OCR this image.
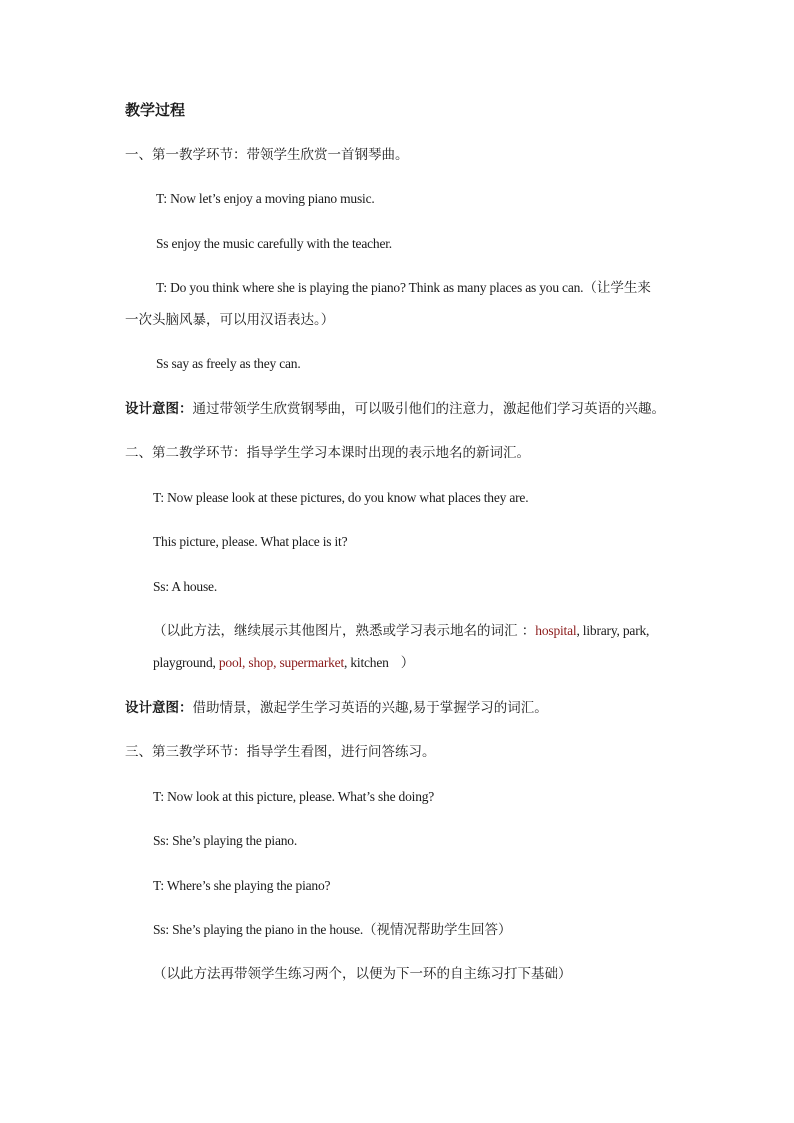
教学过程
一、第一教学环节：带领学生欣赏一首钢琴曲。
T: Now let’s enjoy a moving piano music.
Ss enjoy the music carefully with the teacher.
T: Do you think where she is playing the piano? Think as many places as you can.（让学生来
一次头脑风暴，可以用汉语表达。）
Ss say as freely as they can.
设计意图：通过带领学生欣赏钢琴曲，可以吸引他们的注意力，激起他们学习英语的兴趣。
二、第二教学环节：指导学生学习本课时出现的表示地名的新词汇。
T: Now please look at these pictures, do you know what places they are.
This picture, please. What place is it?
Ss: A house.
（以此方法，继续展示其他图片，熟悉或学习表示地名的词汇 ：hospital, library, park,
playground, pool, shop, supermarket, kitchen ）
设计意图：借助情景，激起学生学习英语的兴趣,易于掌握学习的词汇。
三、第三教学环节：指导学生看图，进行问答练习。
T: Now look at this picture, please. What’s she doing?
Ss: She’s playing the piano.
T: Where’s she playing the piano?
Ss: She’s playing the piano in the house.（视情况帮助学生回答）
（以此方法再带领学生练习两个，以便为下一环的自主练习打下基础）
